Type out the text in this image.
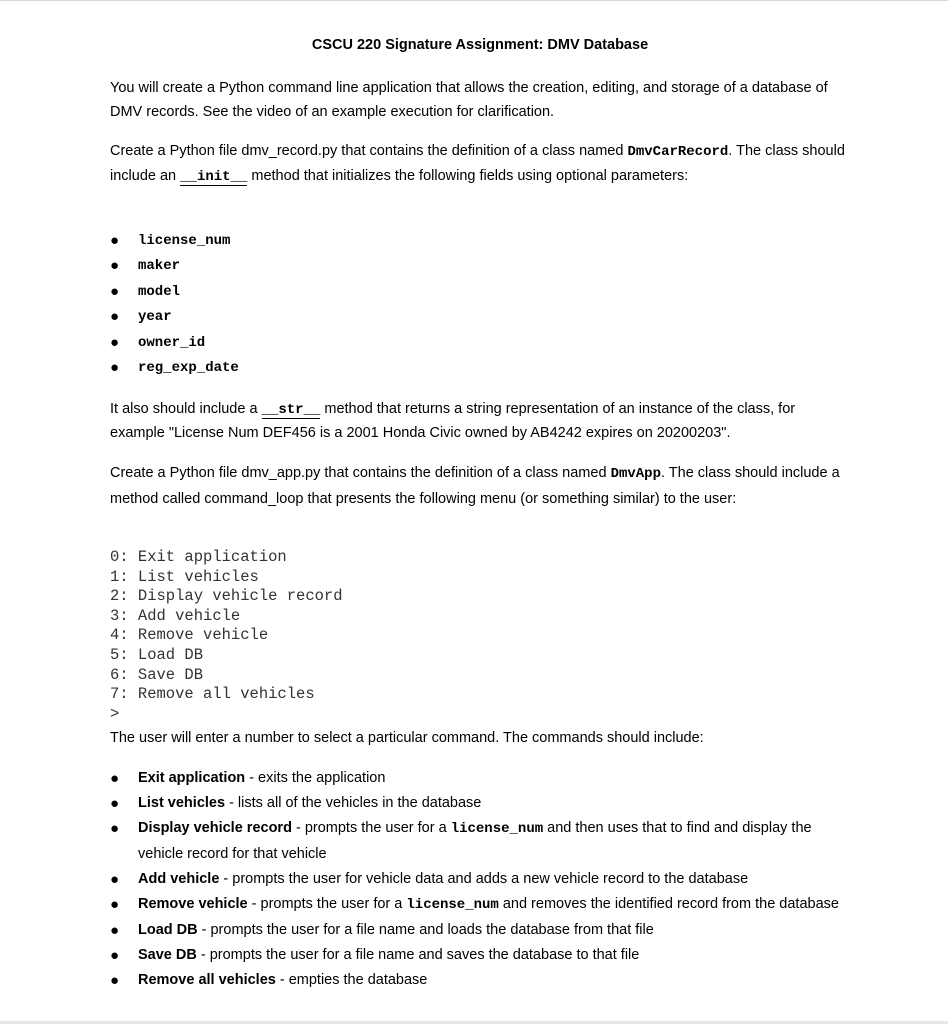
CSCU 220 Signature Assignment: DMV Database
You will create a Python command line application that allows the creation, editing, and storage of a database of DMV records. See the video of an example execution for clarification.
Create a Python file dmv_record.py that contains the definition of a class named DmvCarRecord. The class should include an __init__ method that initializes the following fields using optional parameters:
● license_num
● maker
● model
● year
● owner_id
● reg_exp_date
It also should include a __str__ method that returns a string representation of an instance of the class, for example "License Num DEF456 is a 2001 Honda Civic owned by AB4242 expires on 20200203".
Create a Python file dmv_app.py that contains the definition of a class named DmvApp. The class should include a method called command_loop that presents the following menu (or something similar) to the user:
0: Exit application
1: List vehicles
2: Display vehicle record
3: Add vehicle
4: Remove vehicle
5: Load DB
6: Save DB
7: Remove all vehicles
>
The user will enter a number to select a particular command. The commands should include:
● Exit application - exits the application
● List vehicles - lists all of the vehicles in the database
● Display vehicle record - prompts the user for a license_num and then uses that to find and display the vehicle record for that vehicle
● Add vehicle - prompts the user for vehicle data and adds a new vehicle record to the database
● Remove vehicle - prompts the user for a license_num and removes the identified record from the database
● Load DB - prompts the user for a file name and loads the database from that file
● Save DB - prompts the user for a file name and saves the database to that file
● Remove all vehicles - empties the database
